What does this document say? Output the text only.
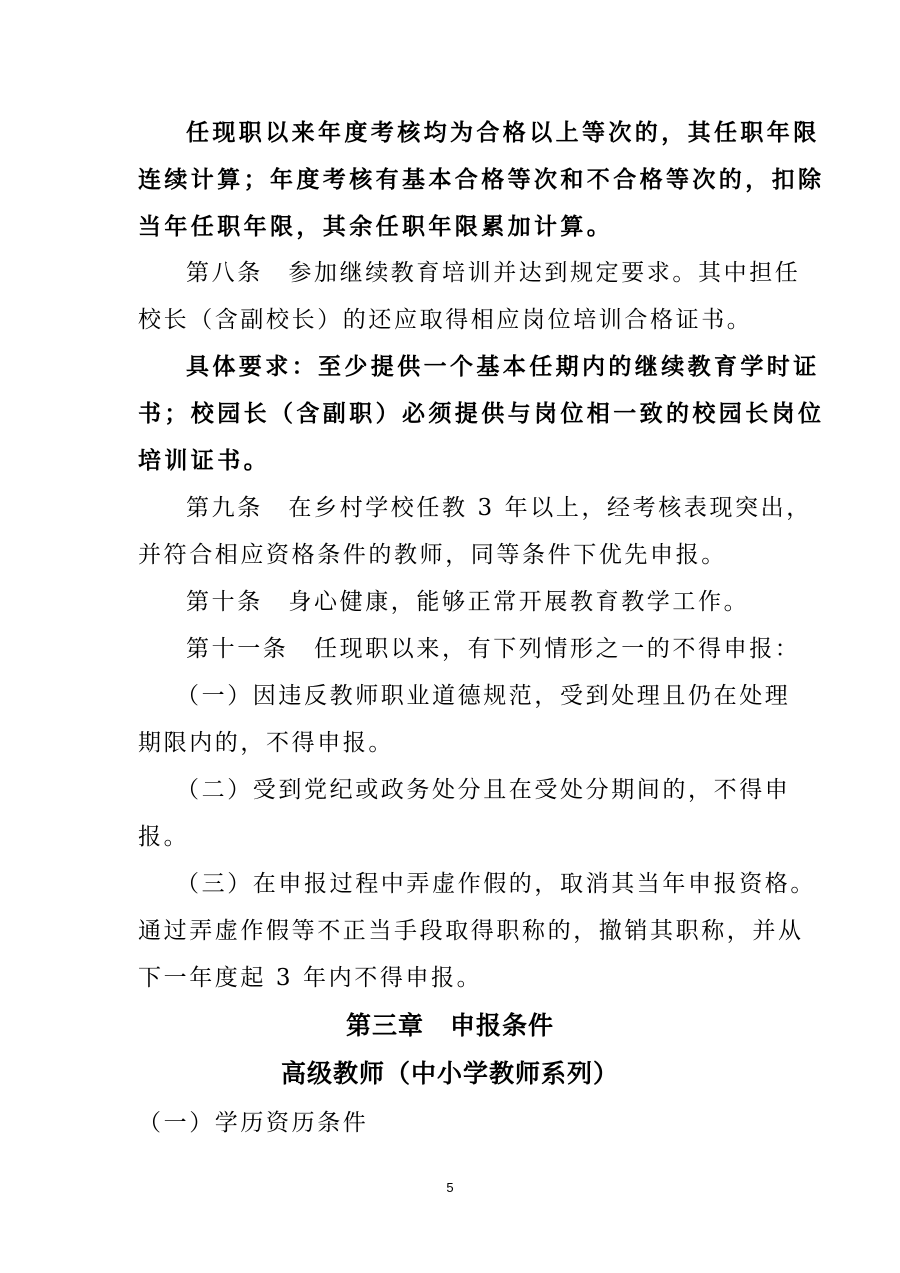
任现职以来年度考核均为合格以上等次的，其任职年限
连续计算；年度考核有基本合格等次和不合格等次的，扣除
当年任职年限，其余任职年限累加计算。
第八条　参加继续教育培训并达到规定要求。其中担任
校长（含副校长）的还应取得相应岗位培训合格证书。
具体要求：至少提供一个基本任期内的继续教育学时证
书；校园长（含副职）必须提供与岗位相一致的校园长岗位
培训证书。
第九条　在乡村学校任教 3 年以上，经考核表现突出，
并符合相应资格条件的教师，同等条件下优先申报。
第十条　身心健康，能够正常开展教育教学工作。
第十一条　任现职以来，有下列情形之一的不得申报：
（一）因违反教师职业道德规范，受到处理且仍在处理
期限内的，不得申报。
（二）受到党纪或政务处分且在受处分期间的，不得申
报。
（三）在申报过程中弄虚作假的，取消其当年申报资格。
通过弄虚作假等不正当手段取得职称的，撤销其职称，并从
下一年度起 3 年内不得申报。
第三章　申报条件
高级教师（中小学教师系列）
（一）学历资历条件
5
